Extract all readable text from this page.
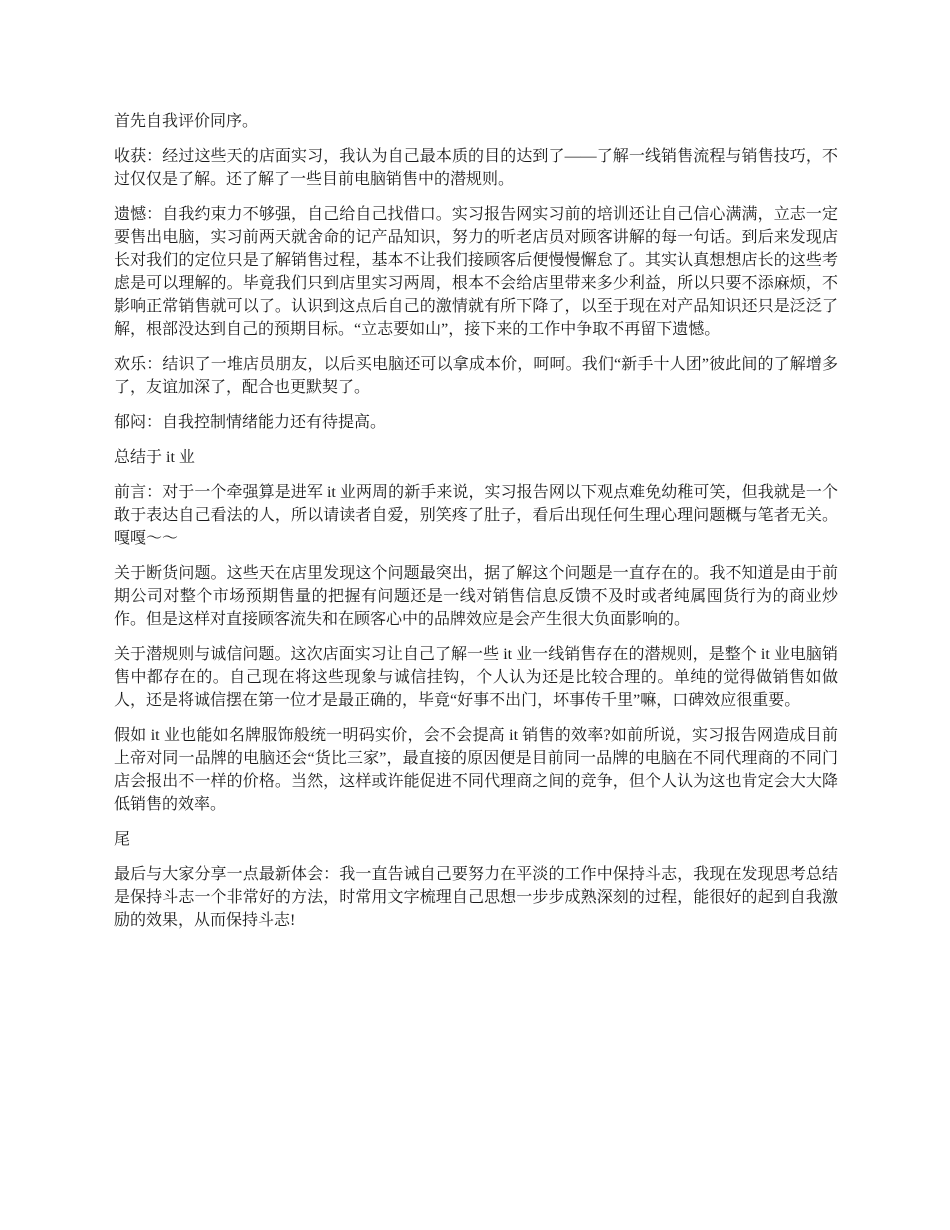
首先自我评价同序。

收获：经过这些天的店面实习，我认为自己最本质的目的达到了——了解一线销售流程与销售技巧，不过仅仅是了解。还了解了一些目前电脑销售中的潜规则。

遗憾：自我约束力不够强，自己给自己找借口。实习报告网实习前的培训还让自己信心满满，立志一定要售出电脑，实习前两天就舍命的记产品知识，努力的听老店员对顾客讲解的每一句话。到后来发现店长对我们的定位只是了解销售过程，基本不让我们接顾客后便慢慢懈怠了。其实认真想想店长的这些考虑是可以理解的。毕竟我们只到店里实习两周，根本不会给店里带来多少利益，所以只要不添麻烦，不影响正常销售就可以了。认识到这点后自己的激情就有所下降了，以至于现在对产品知识还只是泛泛了解，根部没达到自己的预期目标。“立志要如山”，接下来的工作中争取不再留下遗憾。

欢乐：结识了一堆店员朋友，以后买电脑还可以拿成本价，呵呵。我们“新手十人团”彼此间的了解增多了，友谊加深了，配合也更默契了。

郁闷：自我控制情绪能力还有待提高。

总结于 it 业

前言：对于一个牵强算是进军 it 业两周的新手来说，实习报告网以下观点难免幼稚可笑，但我就是一个敢于表达自己看法的人，所以请读者自爱，别笑疼了肚子，看后出现任何生理心理问题概与笔者无关。嘎嘎～～

关于断货问题。这些天在店里发现这个问题最突出，据了解这个问题是一直存在的。我不知道是由于前期公司对整个市场预期售量的把握有问题还是一线对销售信息反馈不及时或者纯属囤货行为的商业炒作。但是这样对直接顾客流失和在顾客心中的品牌效应是会产生很大负面影响的。

关于潜规则与诚信问题。这次店面实习让自己了解一些 it 业一线销售存在的潜规则，是整个 it 业电脑销售中都存在的。自己现在将这些现象与诚信挂钩，个人认为还是比较合理的。单纯的觉得做销售如做人，还是将诚信摆在第一位才是最正确的，毕竟“好事不出门，坏事传千里”嘛，口碑效应很重要。

假如 it 业也能如名牌服饰般统一明码实价，会不会提高 it 销售的效率?如前所说，实习报告网造成目前上帝对同一品牌的电脑还会“货比三家”，最直接的原因便是目前同一品牌的电脑在不同代理商的不同门店会报出不一样的价格。当然，这样或许能促进不同代理商之间的竞争，但个人认为这也肯定会大大降低销售的效率。

尾

最后与大家分享一点最新体会：我一直告诫自己要努力在平淡的工作中保持斗志，我现在发现思考总结是保持斗志一个非常好的方法，时常用文字梳理自己思想一步步成熟深刻的过程，能很好的起到自我激励的效果，从而保持斗志!
